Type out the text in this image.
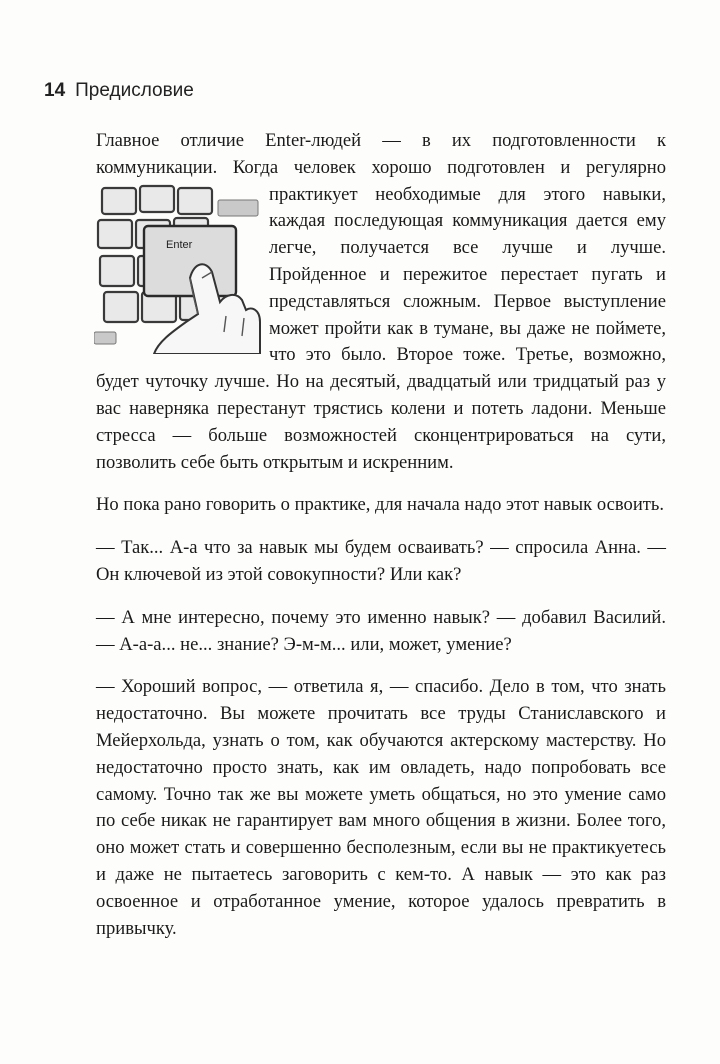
14 Предисловие

Главное отличие Enter-людей — в их подготовленности к коммуникации. Когда человек хорошо подготовлен и регулярно
Enter
практикует необходимые для этого навыки, каждая последующая коммуникация дается ему легче, получается все лучше и лучше. Пройденное и пережитое перестает пугать и представляться сложным. Первое выступление может пройти как в тумане, вы даже не поймете, что это было. Второе тоже. Третье, возможно, будет чуточку лучше. Но на десятый, двадцатый или тридцатый раз у вас наверняка перестанут трястись колени и потеть ладони. Меньше стресса — больше возможностей сконцентрироваться на сути, позволить себе быть открытым и искренним.

Но пока рано говорить о практике, для начала надо этот навык освоить.

— Так... А-а что за навык мы будем осваивать? — спросила Анна. — Он ключевой из этой совокупности? Или как?

— А мне интересно, почему это именно навык? — добавил Василий. — А-а-а... не... знание? Э-м-м... или, может, умение?

— Хороший вопрос, — ответила я, — спасибо. Дело в том, что знать недостаточно. Вы можете прочитать все труды Станиславского и Мейерхольда, узнать о том, как обучаются актерскому мастерству. Но недостаточно просто знать, как им овладеть, надо попробовать все самому. Точно так же вы можете уметь общаться, но это умение само по себе никак не гарантирует вам много общения в жизни. Более того, оно может стать и совершенно бесполезным, если вы не практикуетесь и даже не пытаетесь заговорить с кем-то. А навык — это как раз освоенное и отработанное умение, которое удалось превратить в привычку.
